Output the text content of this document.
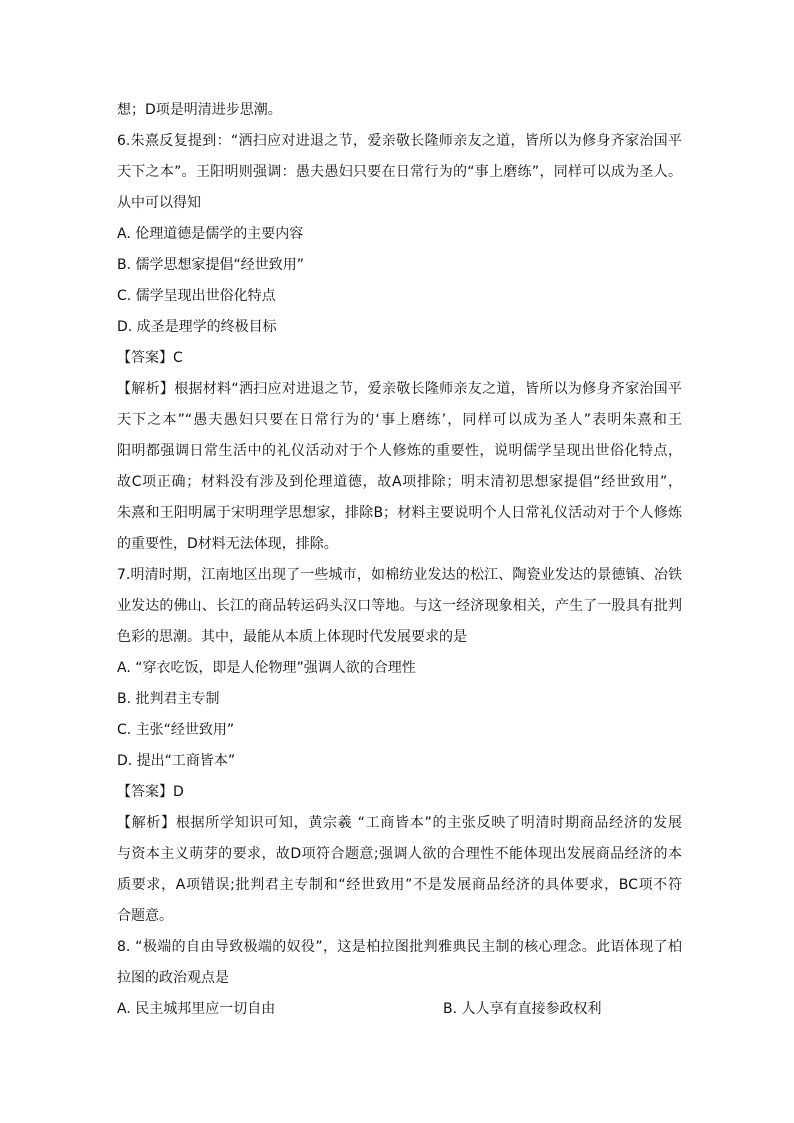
想；D项是明清进步思潮。
6.朱熹反复提到：“洒扫应对进退之节，爱亲敬长隆师亲友之道，皆所以为修身齐家治国平
天下之本”。王阳明则强调：愚夫愚妇只要在日常行为的“事上磨练”，同样可以成为圣人。
从中可以得知
A. 伦理道德是儒学的主要内容
B. 儒学思想家提倡“经世致用”
C. 儒学呈现出世俗化特点
D. 成圣是理学的终极目标
【答案】C
【解析】根据材料“洒扫应对进退之节，爱亲敬长隆师亲友之道，皆所以为修身齐家治国平
天下之本”“愚夫愚妇只要在日常行为的‘事上磨练’，同样可以成为圣人”表明朱熹和王
阳明都强调日常生活中的礼仪活动对于个人修炼的重要性，说明儒学呈现出世俗化特点，
故C项正确；材料没有涉及到伦理道德，故A项排除；明末清初思想家提倡“经世致用”，
朱熹和王阳明属于宋明理学思想家，排除B；材料主要说明个人日常礼仪活动对于个人修炼
的重要性，D材料无法体现，排除。
7.明清时期，江南地区出现了一些城市，如棉纺业发达的松江、陶瓷业发达的景德镇、冶铁
业发达的佛山、长江的商品转运码头汉口等地。与这一经济现象相关，产生了一股具有批判
色彩的思潮。其中，最能从本质上体现时代发展要求的是
A. “穿衣吃饭，即是人伦物理”强调人欲的合理性
B. 批判君主专制
C. 主张“经世致用”
D. 提出“工商皆本”
【答案】D
【解析】根据所学知识可知，黄宗羲 “工商皆本”的主张反映了明清时期商品经济的发展
与资本主义萌芽的要求，故D项符合题意;强调人欲的合理性不能体现出发展商品经济的本
质要求，A项错误;批判君主专制和“经世致用”不是发展商品经济的具体要求，BC项不符
合题意。
8. “极端的自由导致极端的奴役”，这是柏拉图批判雅典民主制的核心理念。此语体现了柏
拉图的政治观点是
A. 民主城邦里应一切自由	B. 人人享有直接参政权利
